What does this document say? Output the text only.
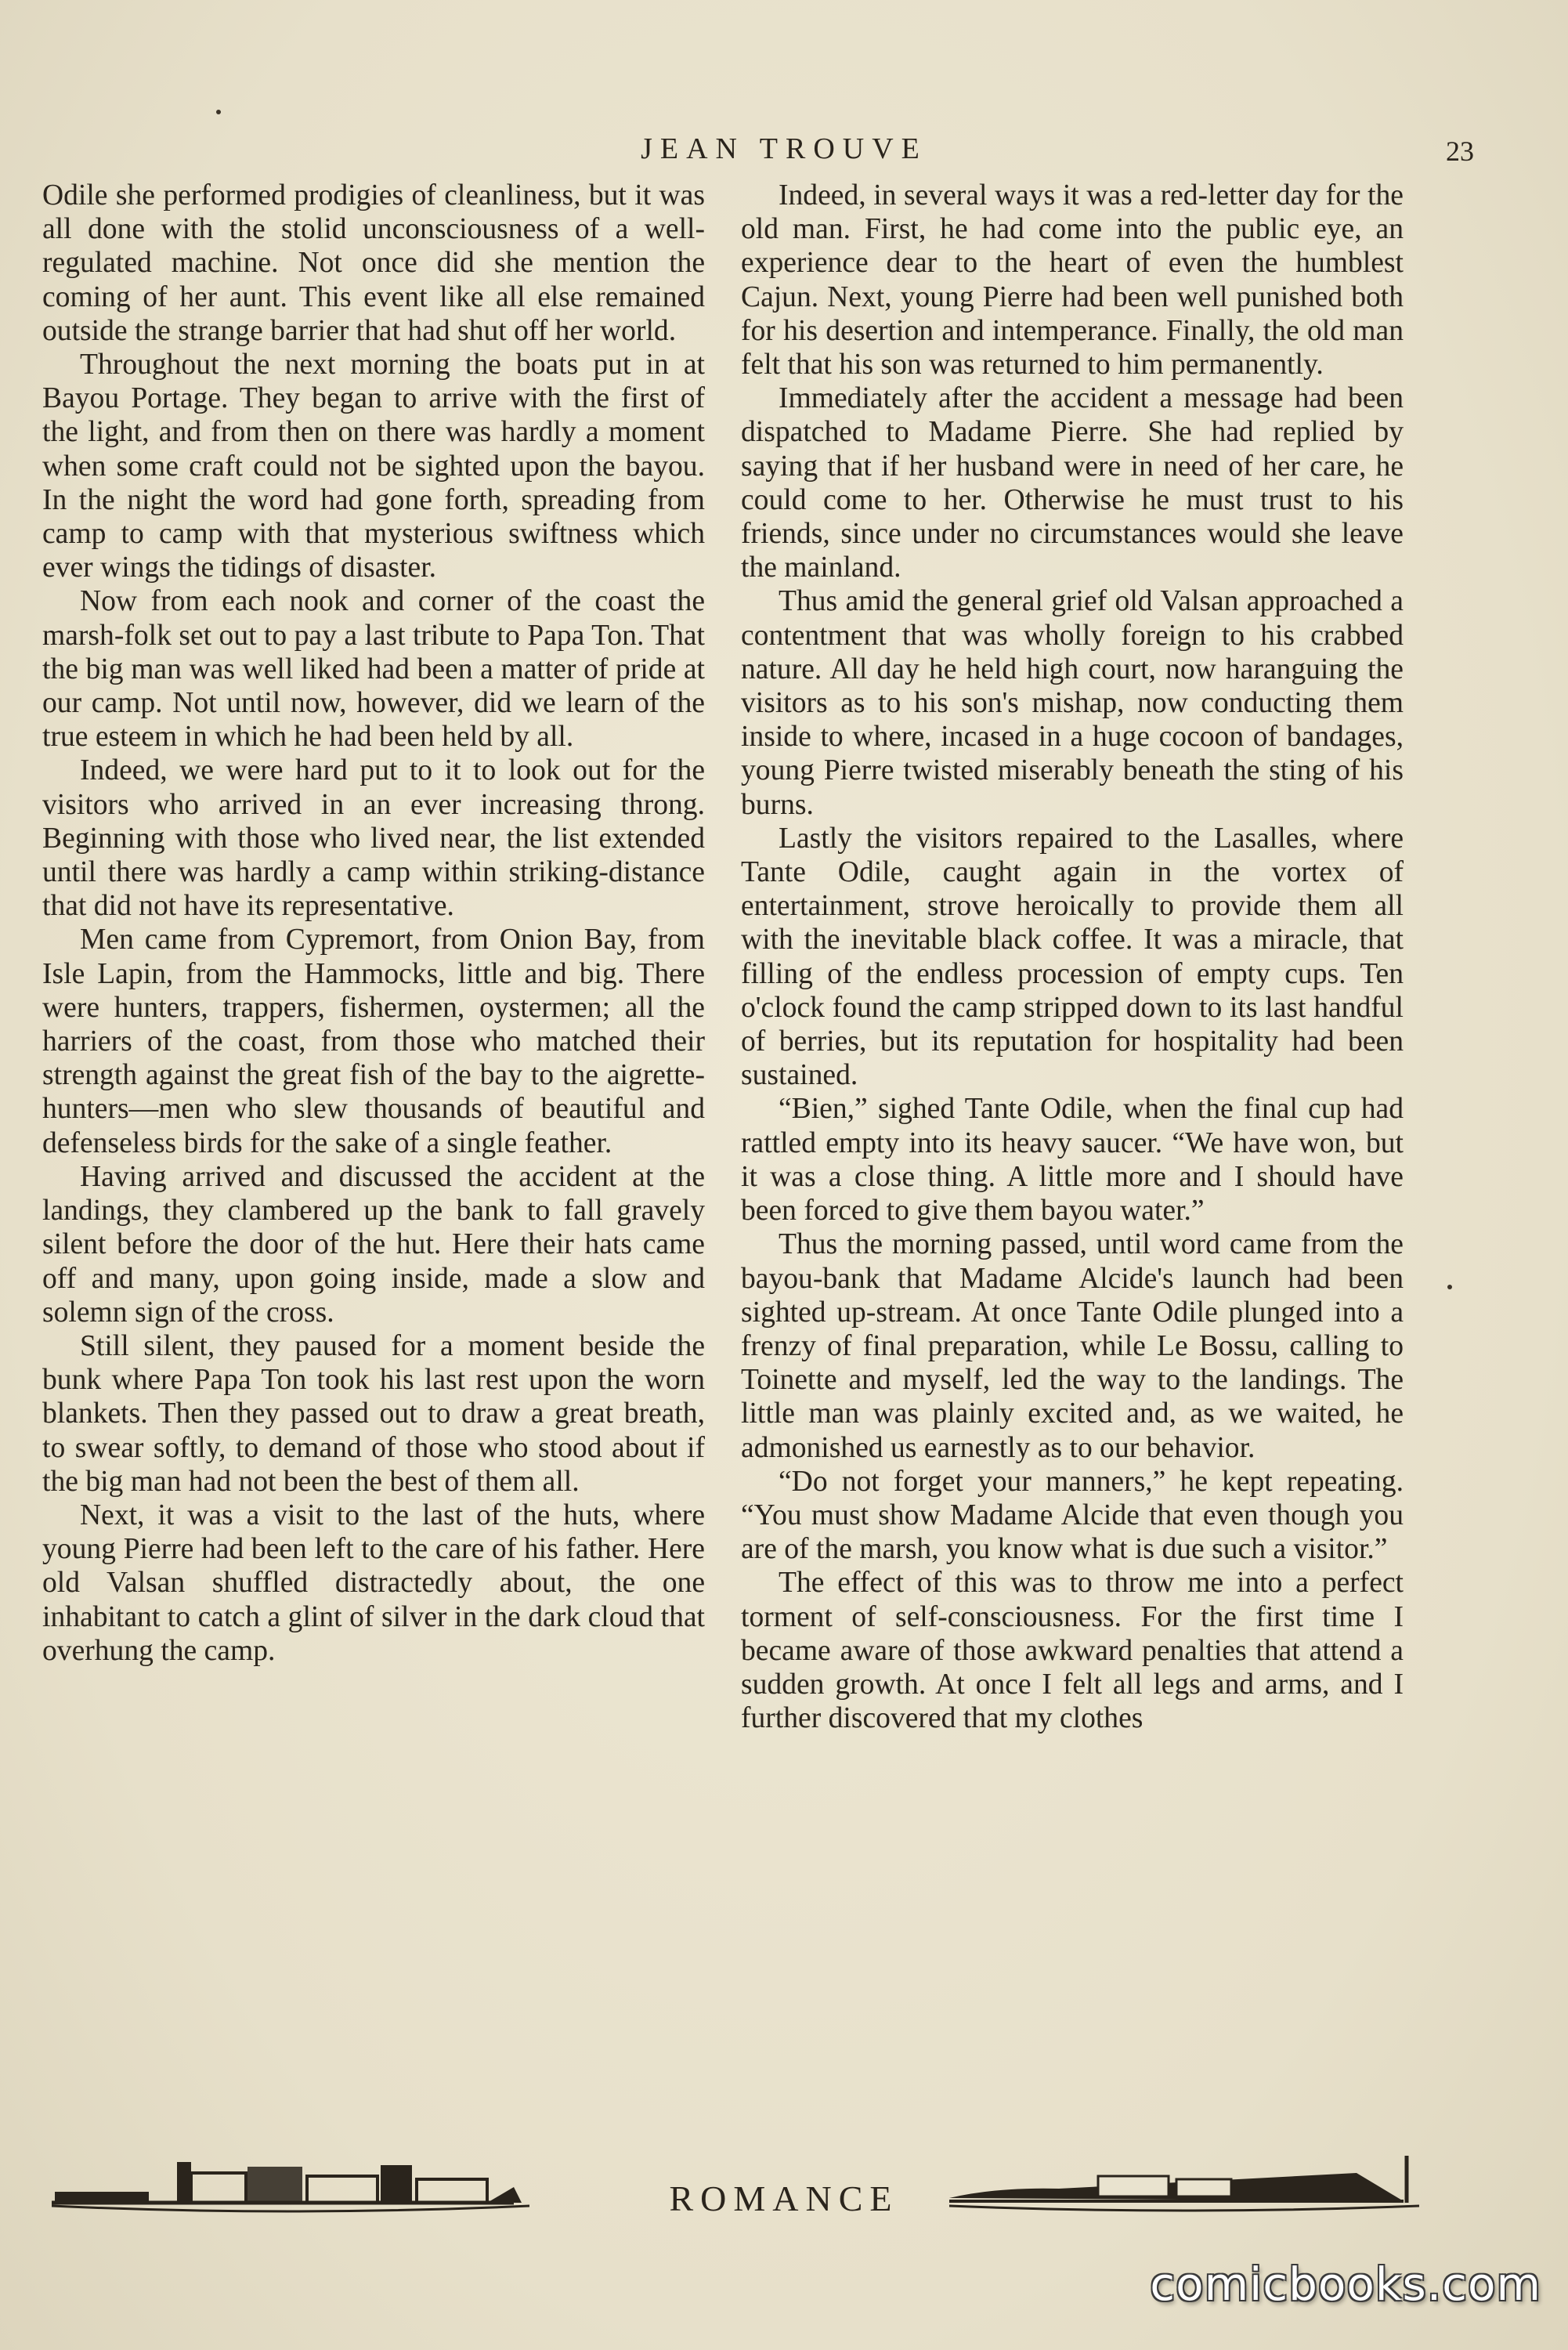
JEAN TROUVE	23

Odile she performed prodigies of cleanliness, but it was all done with the stolid unconsciousness of a well-regulated machine. Not once did she mention the coming of her aunt. This event like all else remained outside the strange barrier that had shut off her world.

Throughout the next morning the boats put in at Bayou Portage. They began to arrive with the first of the light, and from then on there was hardly a moment when some craft could not be sighted upon the bayou. In the night the word had gone forth, spreading from camp to camp with that mysterious swiftness which ever wings the tidings of disaster.

Now from each nook and corner of the coast the marsh-folk set out to pay a last tribute to Papa Ton. That the big man was well liked had been a matter of pride at our camp. Not until now, however, did we learn of the true esteem in which he had been held by all.

Indeed, we were hard put to it to look out for the visitors who arrived in an ever increasing throng. Beginning with those who lived near, the list extended until there was hardly a camp within striking-distance that did not have its representative.

Men came from Cypremort, from Onion Bay, from Isle Lapin, from the Hammocks, little and big. There were hunters, trappers, fishermen, oystermen; all the harriers of the coast, from those who matched their strength against the great fish of the bay to the aigrette-hunters—men who slew thousands of beautiful and defenseless birds for the sake of a single feather.

Having arrived and discussed the accident at the landings, they clambered up the bank to fall gravely silent before the door of the hut. Here their hats came off and many, upon going inside, made a slow and solemn sign of the cross.

Still silent, they paused for a moment beside the bunk where Papa Ton took his last rest upon the worn blankets. Then they passed out to draw a great breath, to swear softly, to demand of those who stood about if the big man had not been the best of them all.

Next, it was a visit to the last of the huts, where young Pierre had been left to the care of his father. Here old Valsan shuffled distractedly about, the one inhabitant to catch a glint of silver in the dark cloud that overhung the camp.

Indeed, in several ways it was a red-letter day for the old man. First, he had come into the public eye, an experience dear to the heart of even the humblest Cajun. Next, young Pierre had been well punished both for his desertion and intemperance. Finally, the old man felt that his son was returned to him permanently.

Immediately after the accident a message had been dispatched to Madame Pierre. She had replied by saying that if her husband were in need of her care, he could come to her. Otherwise he must trust to his friends, since under no circumstances would she leave the mainland.

Thus amid the general grief old Valsan approached a contentment that was wholly foreign to his crabbed nature. All day he held high court, now haranguing the visitors as to his son's mishap, now conducting them inside to where, incased in a huge cocoon of bandages, young Pierre twisted miserably beneath the sting of his burns.

Lastly the visitors repaired to the Lasalles, where Tante Odile, caught again in the vortex of entertainment, strove heroically to provide them all with the inevitable black coffee. It was a miracle, that filling of the endless procession of empty cups. Ten o'clock found the camp stripped down to its last handful of berries, but its reputation for hospitality had been sustained.

“Bien,” sighed Tante Odile, when the final cup had rattled empty into its heavy saucer. “We have won, but it was a close thing. A little more and I should have been forced to give them bayou water.”

Thus the morning passed, until word came from the bayou-bank that Madame Alcide's launch had been sighted up-stream. At once Tante Odile plunged into a frenzy of final preparation, while Le Bossu, calling to Toinette and myself, led the way to the landings. The little man was plainly excited and, as we waited, he admonished us earnestly as to our behavior.

“Do not forget your manners,” he kept repeating. “You must show Madame Alcide that even though you are of the marsh, you know what is due such a visitor.”

The effect of this was to throw me into a perfect torment of self-consciousness. For the first time I became aware of those awkward penalties that attend a sudden growth. At once I felt all legs and arms, and I further discovered that my clothes

ROMANCE
comicbooks.com
